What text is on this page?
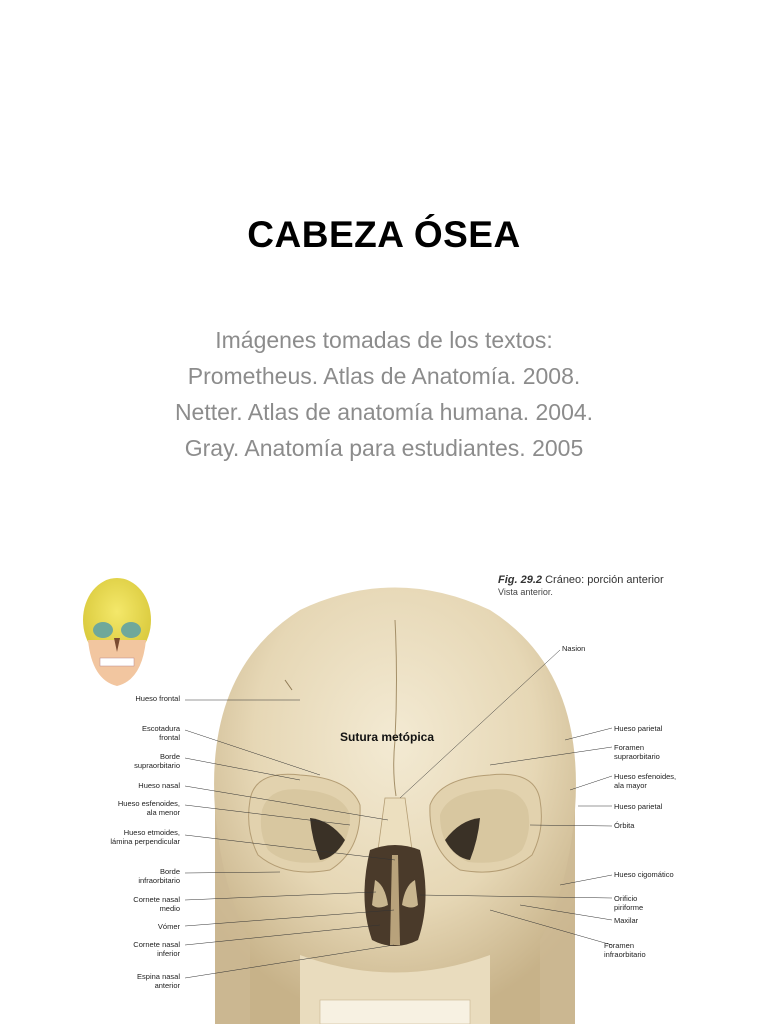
CABEZA ÓSEA
Imágenes tomadas de los textos:
Prometheus. Atlas de Anatomía. 2008.
Netter. Atlas de anatomía humana. 2004.
Gray. Anatomía para estudiantes. 2005
Fig. 29.2 Cráneo: porción anterior
Vista anterior.
Sutura metópica
Hueso frontal
Escotadura frontal
Borde supraorbitario
Hueso nasal
Hueso esfenoides, ala menor
Hueso etmoides, lámina perpendicular
Borde infraorbitario
Cornete nasal medio
Vómer
Cornete nasal inferior
Espina nasal anterior
Nasion
Hueso parietal
Foramen supraorbitario
Hueso esfenoides, ala mayor
Hueso parietal
Órbita
Hueso cigomático
Orificio piriforme
Maxilar
Foramen infraorbitario
